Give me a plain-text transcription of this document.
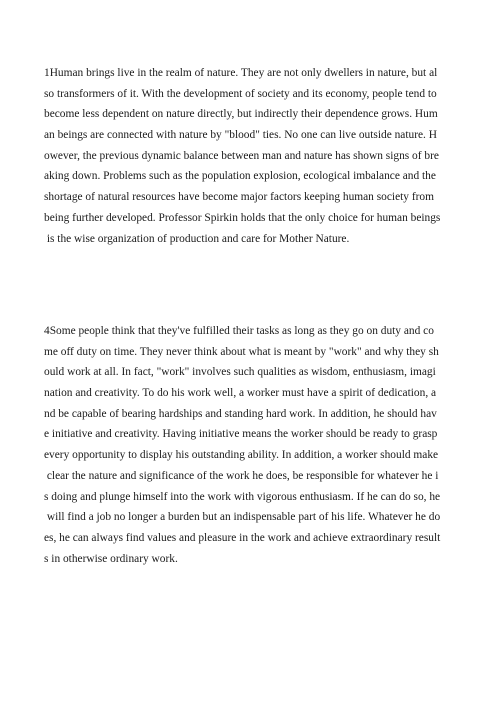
1Human brings live in the realm of nature. They are not only dwellers in nature, but al
so transformers of it. With the development of society and its economy, people tend to
become less dependent on nature directly, but indirectly their dependence grows. Hum
an beings are connected with nature by "blood" ties. No one can live outside nature. H
owever, the previous dynamic balance between man and nature has shown signs of bre
aking down. Problems such as the population explosion, ecological imbalance and the
shortage of natural resources have become major factors keeping human society from
being further developed. Professor Spirkin holds that the only choice for human beings
is the wise organization of production and care for Mother Nature.
4Some people think that they've fulfilled their tasks as long as they go on duty and co
me off duty on time. They never think about what is meant by "work" and why they sh
ould work at all. In fact, "work" involves such qualities as wisdom, enthusiasm, imagi
nation and creativity. To do his work well, a worker must have a spirit of dedication, a
nd be capable of bearing hardships and standing hard work. In addition, he should hav
e initiative and creativity. Having initiative means the worker should be ready to grasp
every opportunity to display his outstanding ability. In addition, a worker should make
clear the nature and significance of the work he does, be responsible for whatever he i
s doing and plunge himself into the work with vigorous enthusiasm. If he can do so, he
will find a job no longer a burden but an indispensable part of his life. Whatever he do
es, he can always find values and pleasure in the work and achieve extraordinary result
s in otherwise ordinary work.
